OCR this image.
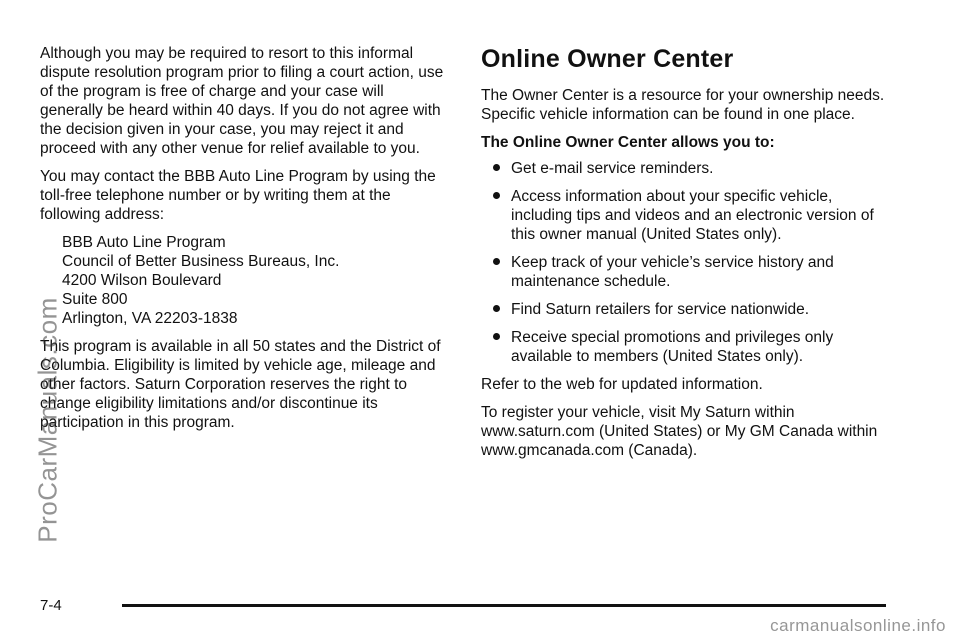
Although you may be required to resort to this informal dispute resolution program prior to filing a court action, use of the program is free of charge and your case will generally be heard within 40 days. If you do not agree with the decision given in your case, you may reject it and proceed with any other venue for relief available to you.

You may contact the BBB Auto Line Program by using the toll-free telephone number or by writing them at the following address:

BBB Auto Line Program
Council of Better Business Bureaus, Inc.
4200 Wilson Boulevard
Suite 800
Arlington, VA 22203-1838

This program is available in all 50 states and the District of Columbia. Eligibility is limited by vehicle age, mileage and other factors. Saturn Corporation reserves the right to change eligibility limitations and/or discontinue its participation in this program.

Online Owner Center

The Owner Center is a resource for your ownership needs. Specific vehicle information can be found in one place.

The Online Owner Center allows you to:

Get e-mail service reminders.
Access information about your specific vehicle, including tips and videos and an electronic version of this owner manual (United States only).
Keep track of your vehicle’s service history and maintenance schedule.
Find Saturn retailers for service nationwide.
Receive special promotions and privileges only available to members (United States only).

Refer to the web for updated information.

To register your vehicle, visit My Saturn within www.saturn.com (United States) or My GM Canada within www.gmcanada.com (Canada).

7-4
ProCarManuals.com
carmanualsonline.info
